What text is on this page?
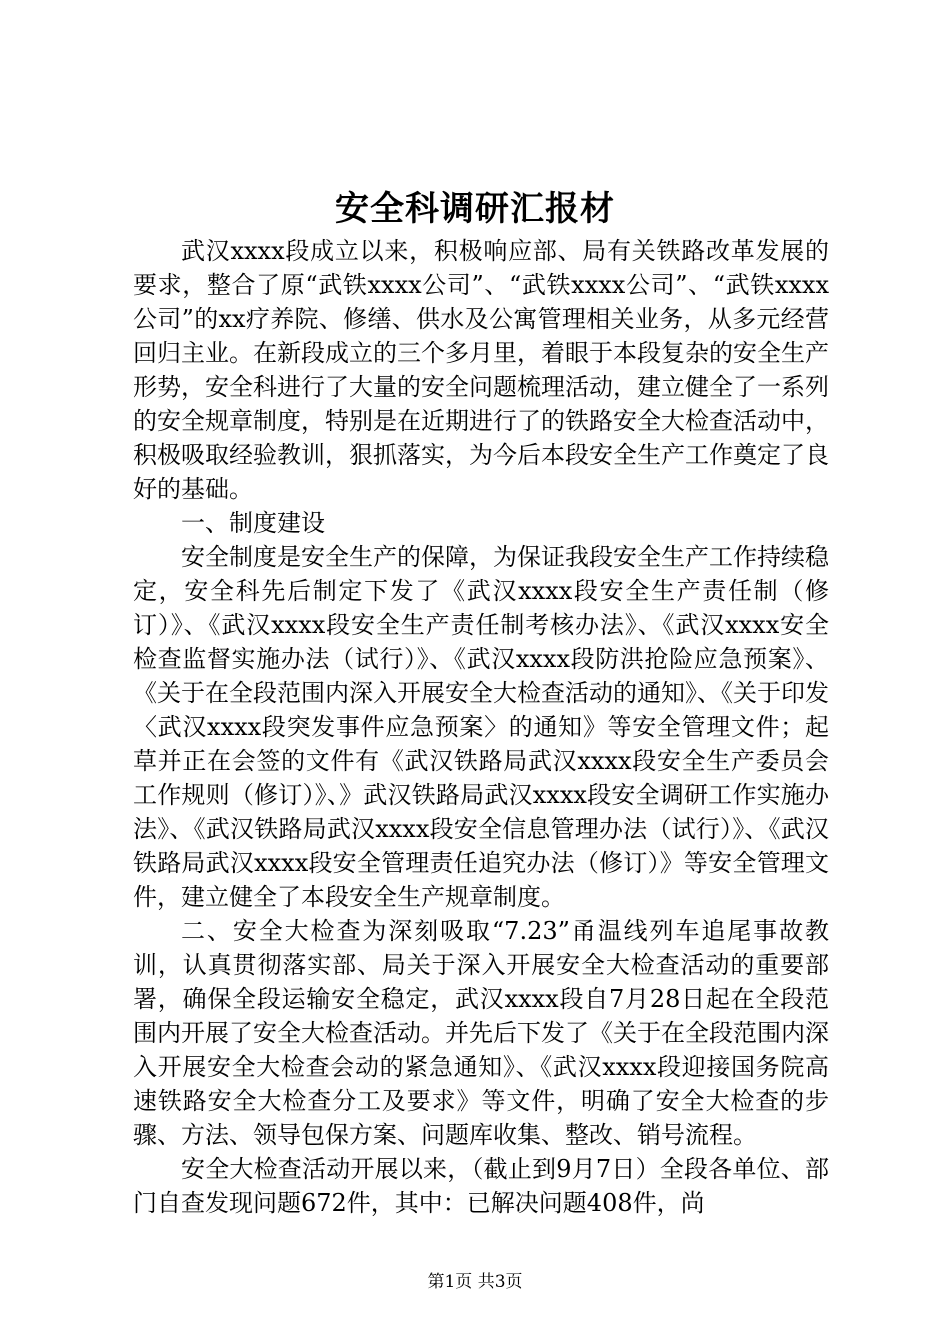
安全科调研汇报材

武汉xxxx段成立以来，积极响应部、局有关铁路改革发展的要求，整合了原“武铁xxxx公司”、“武铁xxxx公司”、“武铁xxxx公司”的xx疗养院、修缮、供水及公寓管理相关业务，从多元经营回归主业。在新段成立的三个多月里，着眼于本段复杂的安全生产形势，安全科进行了大量的安全问题梳理活动，建立健全了一系列的安全规章制度，特别是在近期进行了的铁路安全大检查活动中，积极吸取经验教训，狠抓落实，为今后本段安全生产工作奠定了良好的基础。

一、制度建设

安全制度是安全生产的保障，为保证我段安全生产工作持续稳定，安全科先后制定下发了《武汉xxxx段安全生产责任制（修订）》、《武汉xxxx段安全生产责任制考核办法》、《武汉xxxx安全检查监督实施办法（试行）》、《武汉xxxx段防洪抢险应急预案》、《关于在全段范围内深入开展安全大检查活动的通知》、《关于印发〈武汉xxxx段突发事件应急预案〉的通知》等安全管理文件；起草并正在会签的文件有《武汉铁路局武汉xxxx段安全生产委员会工作规则（修订）》、》武汉铁路局武汉xxxx段安全调研工作实施办法》、《武汉铁路局武汉xxxx段安全信息管理办法（试行）》、《武汉铁路局武汉xxxx段安全管理责任追究办法（修订）》等安全管理文件，建立健全了本段安全生产规章制度。

二、安全大检查为深刻吸取“7.23”甬温线列车追尾事故教训，认真贯彻落实部、局关于深入开展安全大检查活动的重要部署，确保全段运输安全稳定，武汉xxxx段自7月28日起在全段范围内开展了安全大检查活动。并先后下发了《关于在全段范围内深入开展安全大检查会动的紧急通知》、《武汉xxxx段迎接国务院高速铁路安全大检查分工及要求》等文件，明确了安全大检查的步骤、方法、领导包保方案、问题库收集、整改、销号流程。

安全大检查活动开展以来，（截止到9月7日）全段各单位、部门自查发现问题672件，其中：已解决问题408件，尚

第1页 共3页
